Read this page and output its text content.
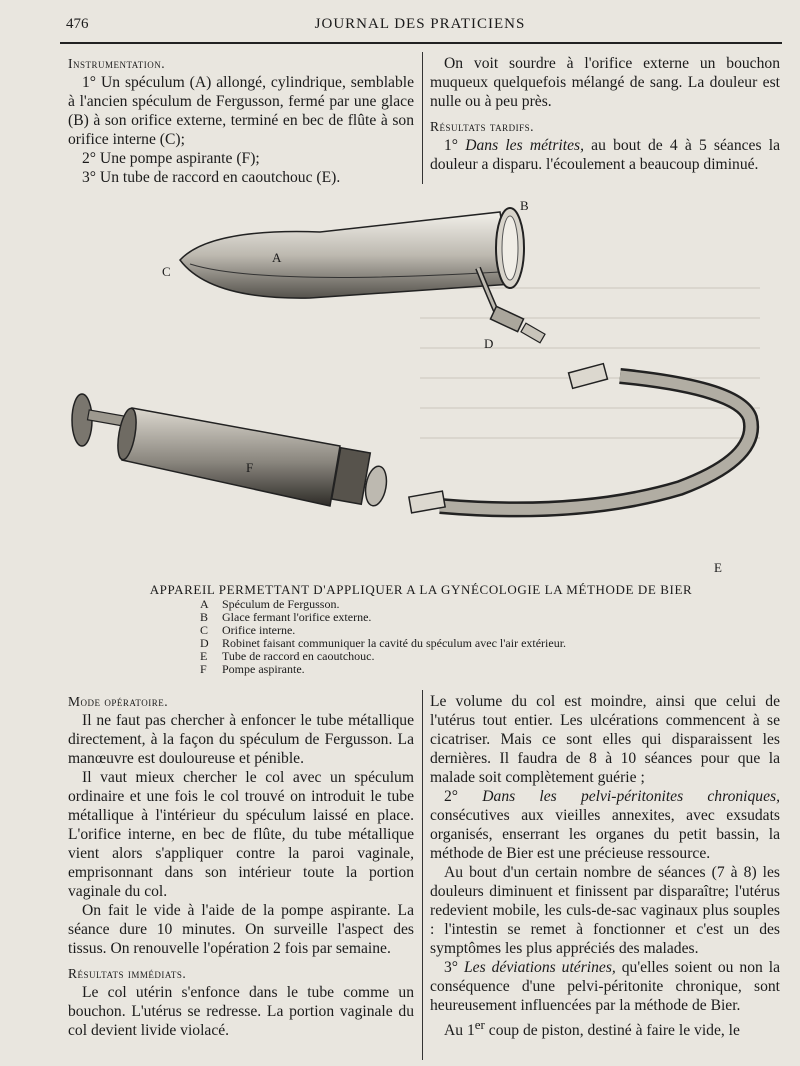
476	JOURNAL DES PRATICIENS

Instrumentation.

1° Un spéculum (A) allongé, cylindrique, semblable à l'ancien spéculum de Fergusson, fermé par une glace (B) à son orifice externe, terminé en bec de flûte à son orifice interne (C);

2° Une pompe aspirante (F);

3° Un tube de raccord en caoutchouc (E).

On voit sourdre à l'orifice externe un bouchon muqueux quelquefois mélangé de sang. La douleur est nulle ou à peu près.

Résultats tardifs.

1° Dans les métrites, au bout de 4 à 5 séances la douleur a disparu. l'écoulement a beaucoup diminué.

A
B
C
D
E
F
APPAREIL PERMETTANT D'APPLIQUER A LA GYNÉCOLOGIE LA MÉTHODE DE BIER
A	Spéculum de Fergusson.
B	Glace fermant l'orifice externe.
C	Orifice interne.
D	Robinet faisant communiquer la cavité du spéculum avec l'air extérieur.
E	Tube de raccord en caoutchouc.
F	Pompe aspirante.

Mode opératoire.

Il ne faut pas chercher à enfoncer le tube métallique directement, à la façon du spéculum de Fergusson. La manœuvre est douloureuse et pénible.

Il vaut mieux chercher le col avec un spéculum ordinaire et une fois le col trouvé on introduit le tube métallique à l'intérieur du spéculum laissé en place. L'orifice interne, en bec de flûte, du tube métallique vient alors s'appliquer contre la paroi vaginale, emprisonnant dans son intérieur toute la portion vaginale du col.

On fait le vide à l'aide de la pompe aspirante. La séance dure 10 minutes. On surveille l'aspect des tissus. On renouvelle l'opération 2 fois par semaine.

Résultats immédiats.

Le col utérin s'enfonce dans le tube comme un bouchon. L'utérus se redresse. La portion vaginale du col devient livide violacé.

Le volume du col est moindre, ainsi que celui de l'utérus tout entier. Les ulcérations commencent à se cicatriser. Mais ce sont elles qui disparaissent les dernières. Il faudra de 8 à 10 séances pour que la malade soit complètement guérie ;

2° Dans les pelvi-péritonites chroniques, consécutives aux vieilles annexites, avec exsudats organisés, enserrant les organes du petit bassin, la méthode de Bier est une précieuse ressource.

Au bout d'un certain nombre de séances (7 à 8) les douleurs diminuent et finissent par disparaître; l'utérus redevient mobile, les culs-de-sac vaginaux plus souples : l'intestin se remet à fonctionner et c'est un des symptômes les plus appréciés des malades.

3° Les déviations utérines, qu'elles soient ou non la conséquence d'une pelvi-péritonite chronique, sont heureusement influencées par la méthode de Bier.

Au 1er coup de piston, destiné à faire le vide, le
